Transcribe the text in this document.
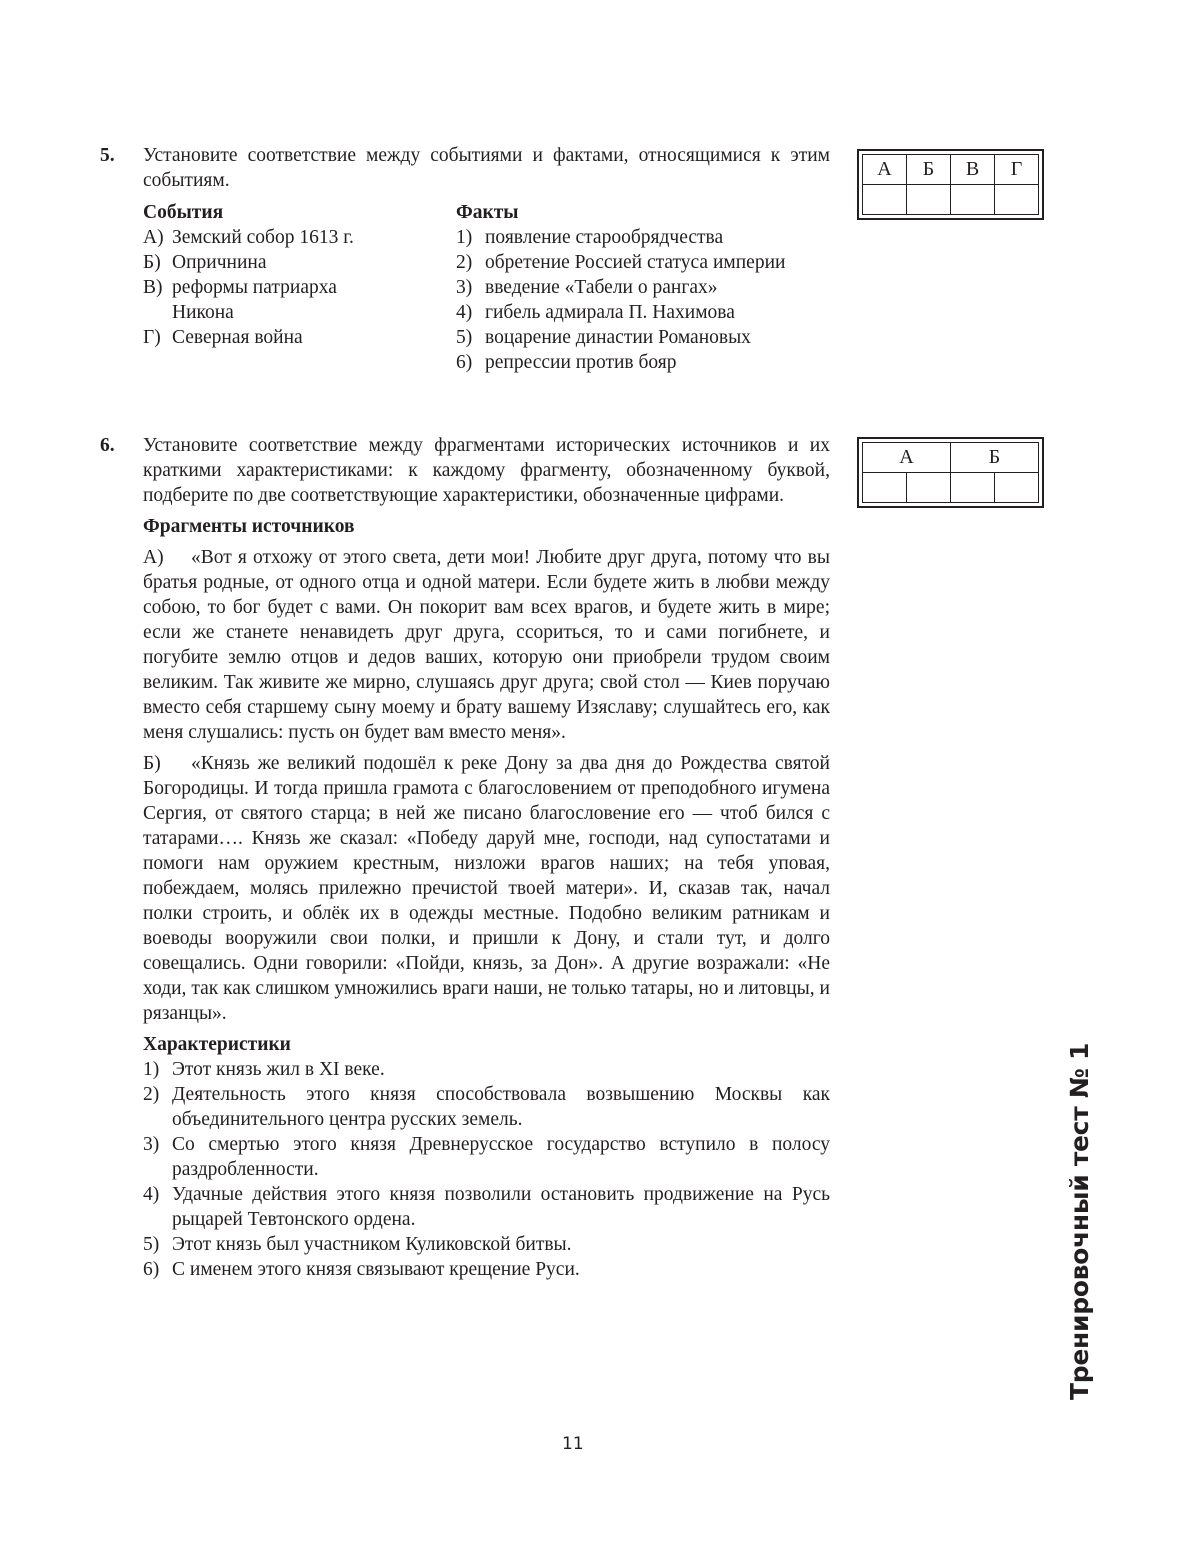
5. Установите соответствие между событиями и фактами, относящимися к этим событиям.
События
А) Земский собор 1613 г.
Б) Опричнина
В) реформы патриарха Никона
Г) Северная война
Факты
1) появление старообрядчества
2) обретение Россией статуса империи
3) введение «Табели о рангах»
4) гибель адмирала П. Нахимова
5) воцарение династии Романовых
6) репрессии против бояр
А	Б	В	Г

6. Установите соответствие между фрагментами исторических источников и их краткими характеристиками: к каждому фрагменту, обозначенному буквой, подберите по две соответствующие характеристики, обозначенные цифрами.
Фрагменты источников
А) «Вот я отхожу от этого света, дети мои! Любите друг друга, потому что вы братья родные, от одного отца и одной матери. Если будете жить в любви между собою, то бог будет с вами. Он покорит вам всех врагов, и будете жить в мире; если же станете ненавидеть друг друга, ссориться, то и сами погибнете, и погубите землю отцов и дедов ваших, которую они приобрели трудом своим великим. Так живите же мирно, слушаясь друг друга; свой стол — Киев поручаю вместо себя старшему сыну моему и брату вашему Изяславу; слушайтесь его, как меня слушались: пусть он будет вам вместо меня».
Б) «Князь же великий подошёл к реке Дону за два дня до Рождества святой Богородицы. И тогда пришла грамота с благословением от преподобного игумена Сергия, от святого старца; в ней же писано благословение его — чтоб бился с татарами…. Князь же сказал: «Победу даруй мне, господи, над супостатами и помоги нам оружием крестным, низложи врагов наших; на тебя уповая, побеждаем, молясь прилежно пречистой твоей матери». И, сказав так, начал полки строить, и облёк их в одежды местные. Подобно великим ратникам и воеводы вооружили свои полки, и пришли к Дону, и стали тут, и долго совещались. Одни говорили: «Пойди, князь, за Дон». А другие возражали: «Не ходи, так как слишком умножились враги наши, не только татары, но и литовцы, и рязанцы».
Характеристики
1) Этот князь жил в XI веке.
2) Деятельность этого князя способствовала возвышению Москвы как объединительного центра русских земель.
3) Со смертью этого князя Древнерусское государство вступило в полосу раздробленности.
4) Удачные действия этого князя позволили остановить продвижение на Русь рыцарей Тевтонского ордена.
5) Этот князь был участником Куликовской битвы.
6) С именем этого князя связывают крещение Руси.
А		Б	

Тренировочный тест № 1
11
